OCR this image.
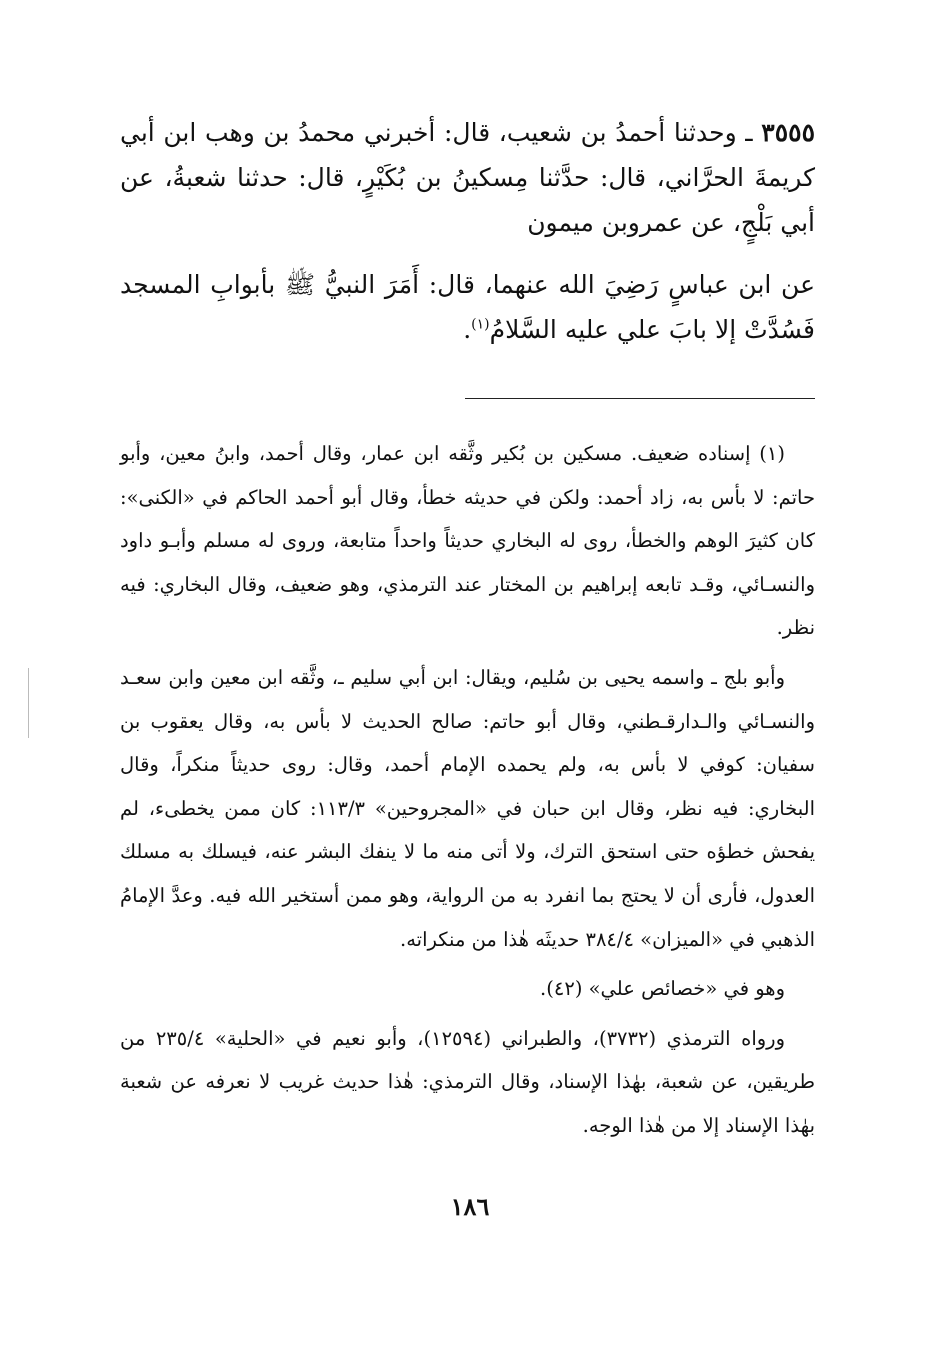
٣٥٥٥ ـ وحدثنا أحمدُ بن شعيب، قال: أخبرني محمدُ بن وهب ابن أبي كريمةَ الحرَّاني، قال: حدَّثنا مِسكينُ بن بُكَيْرٍ، قال: حدثنا شعبةُ، عن أبي بَلْجٍ، عن عمروبن ميمون
عن ابن عباسٍ رَضِيَ الله عنهما، قال: أَمَرَ النبيُّ ﷺ بأبوابِ المسجد فَسُدَّتْ إلا بابَ علي عليه السَّلامُ$^{(١)}$.

(١) إسناده ضعيف. مسكين بن بُكير وثَّقه ابن عمار، وقال أحمد، وابنُ معين، وأبو حاتم: لا بأس به، زاد أحمد: ولكن في حديثه خطأ، وقال أبو أحمد الحاكم في «الكنى»: كان كثيرَ الوهم والخطأ، روى له البخاري حديثاً واحداً متابعة، وروى له مسلم وأبـو داود والنسـائي، وقـد تابعه إبراهيم بن المختار عند الترمذي، وهو ضعيف، وقال البخاري: فيه نظر.

وأبو بلج ـ واسمه يحيى بن سُليم، ويقال: ابن أبي سليم ـ، وثَّقه ابن معين وابن سعـد والنسـائي والـدارقـطني، وقال أبو حاتم: صالح الحديث لا بأس به، وقال يعقوب بن سفيان: كوفي لا بأس به، ولم يحمده الإمام أحمد، وقال: روى حديثاً منكراً، وقال البخاري: فيه نظر، وقال ابن حبان في «المجروحين» ١١٣/٣: كان ممن يخطىء، لم يفحش خطؤه حتى استحق الترك، ولا أتى منه ما لا ينفك البشر عنه، فيسلك به مسلك العدول، فأرى أن لا يحتج بما انفرد به من الرواية، وهو ممن أستخير الله فيه. وعدَّ الإمامُ الذهبي في «الميزان» ٣٨٤/٤ حديثَه هٰذا من منكراته.

وهو في «خصائص علي» (٤٢).

ورواه الترمذي (٣٧٣٢)، والطبراني (١٢٥٩٤)، وأبو نعيم في «الحلية» ٢٣٥/٤ من طريقين، عن شعبة، بهٰذا الإسناد، وقال الترمذي: هٰذا حديث غريب لا نعرفه عن شعبة بهٰذا الإسناد إلا من هٰذا الوجه.

١٨٦
